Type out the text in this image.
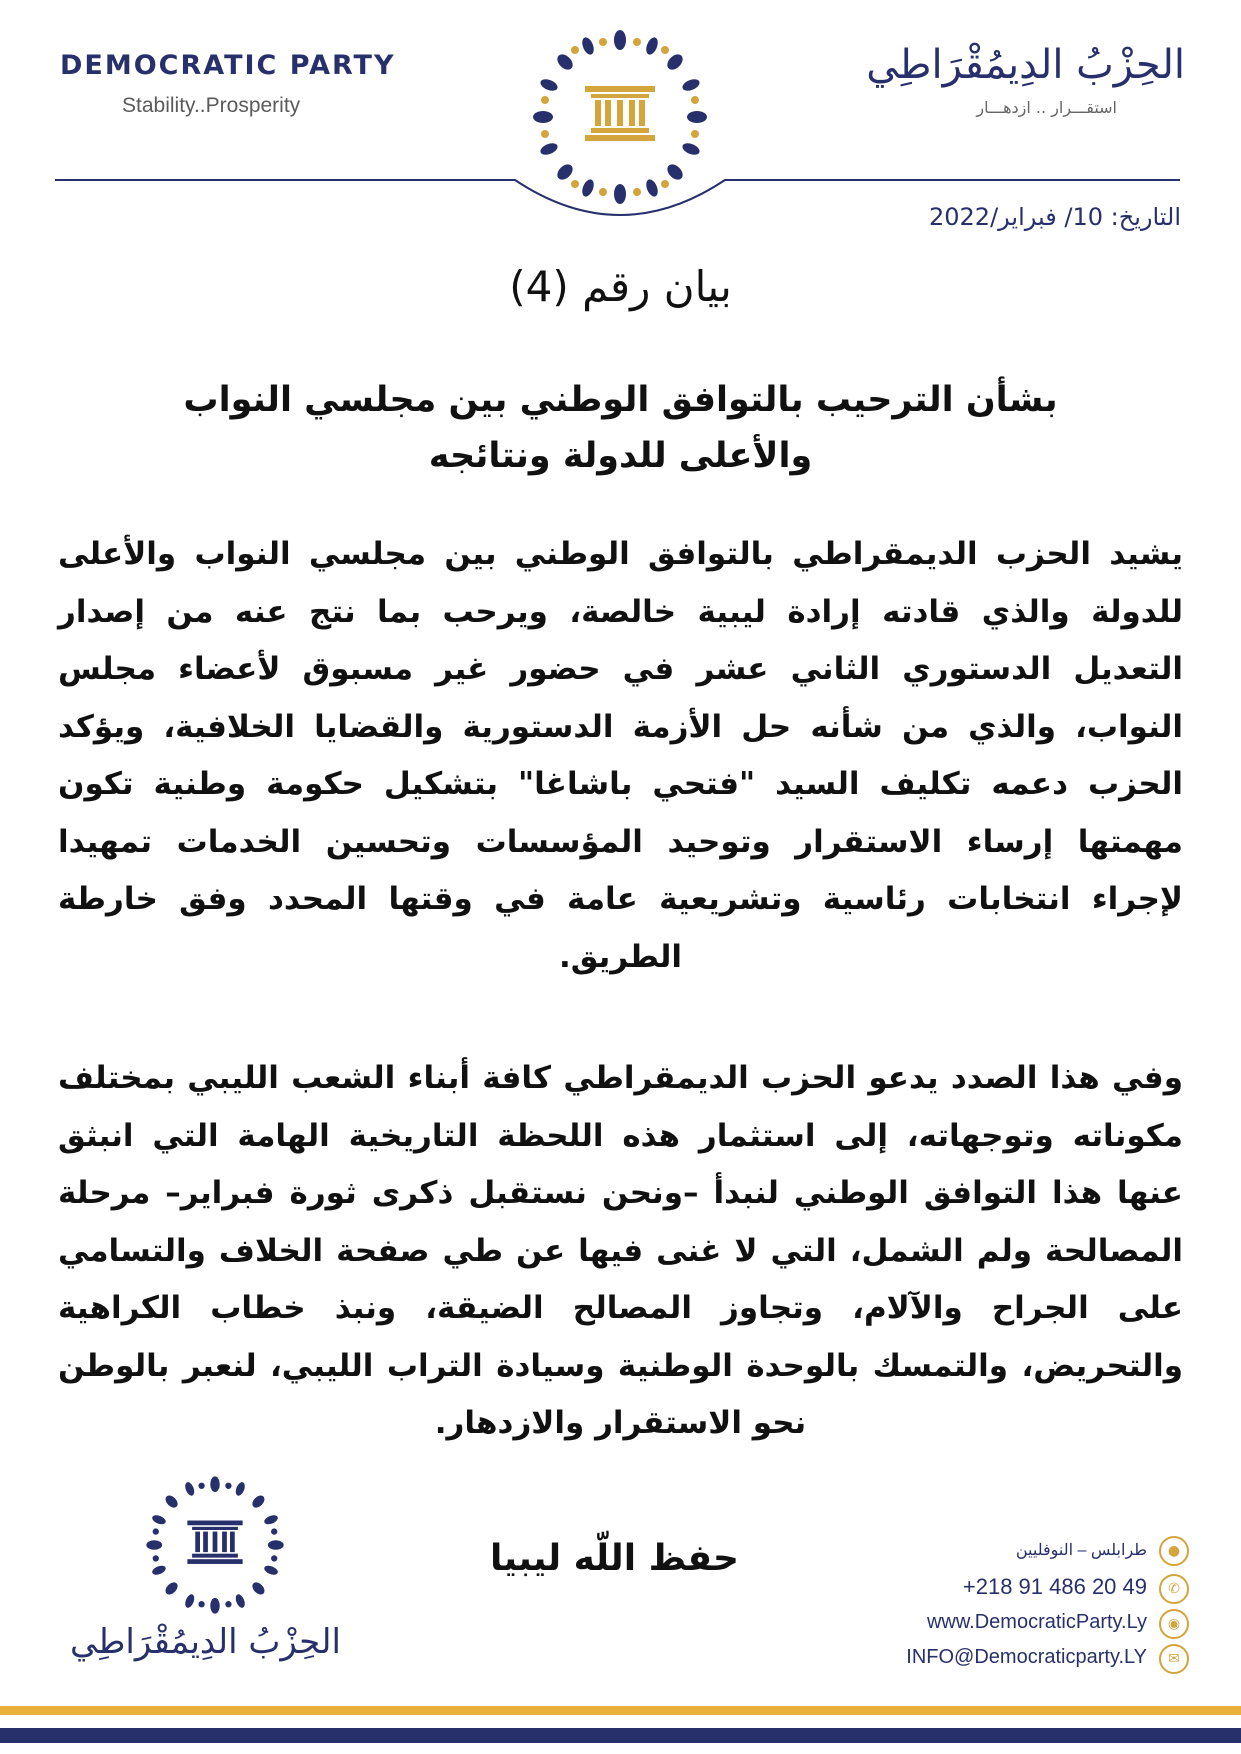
DEMOCRATIC PARTY
Stability..Prosperity
الحِزْبُ الدِيمُقْرَاطِي
استقـــرار .. ازدهـــار
التاريخ: 10/ فبراير/2022
بيان رقم (4)
بشأن الترحيب بالتوافق الوطني بين مجلسي النواب والأعلى للدولة ونتائجه
يشيد الحزب الديمقراطي بالتوافق الوطني بين مجلسي النواب والأعلى للدولة والذي قادته إرادة ليبية خالصة، ويرحب بما نتج عنه من إصدار التعديل الدستوري الثاني عشر في حضور غير مسبوق لأعضاء مجلس النواب، والذي من شأنه حل الأزمة الدستورية والقضايا الخلافية، ويؤكد الحزب دعمه تكليف السيد "فتحي باشاغا" بتشكيل حكومة وطنية تكون مهمتها إرساء الاستقرار وتوحيد المؤسسات وتحسين الخدمات تمهيدا لإجراء انتخابات رئاسية وتشريعية عامة في وقتها المحدد وفق خارطة الطريق.
وفي هذا الصدد يدعو الحزب الديمقراطي كافة أبناء الشعب الليبي بمختلف مكوناته وتوجهاته، إلى استثمار هذه اللحظة التاريخية الهامة التي انبثق عنها هذا التوافق الوطني لنبدأ –ونحن نستقبل ذكرى ثورة فبراير– مرحلة المصالحة ولم الشمل، التي لا غنى فيها عن طي صفحة الخلاف والتسامي على الجراح والآلام، وتجاوز المصالح الضيقة، ونبذ خطاب الكراهية والتحريض، والتمسك بالوحدة الوطنية وسيادة التراب الليبي، لنعبر بالوطن نحو الاستقرار والازدهار.
حفظ اللّه ليبيا
الحِزْبُ الدِيمُقْرَاطِي
طرابلس – النوفليين	●
+218 91 486 20 49	✆
www.DemocraticParty.Ly	◉
INFO@Democraticparty.LY	✉
